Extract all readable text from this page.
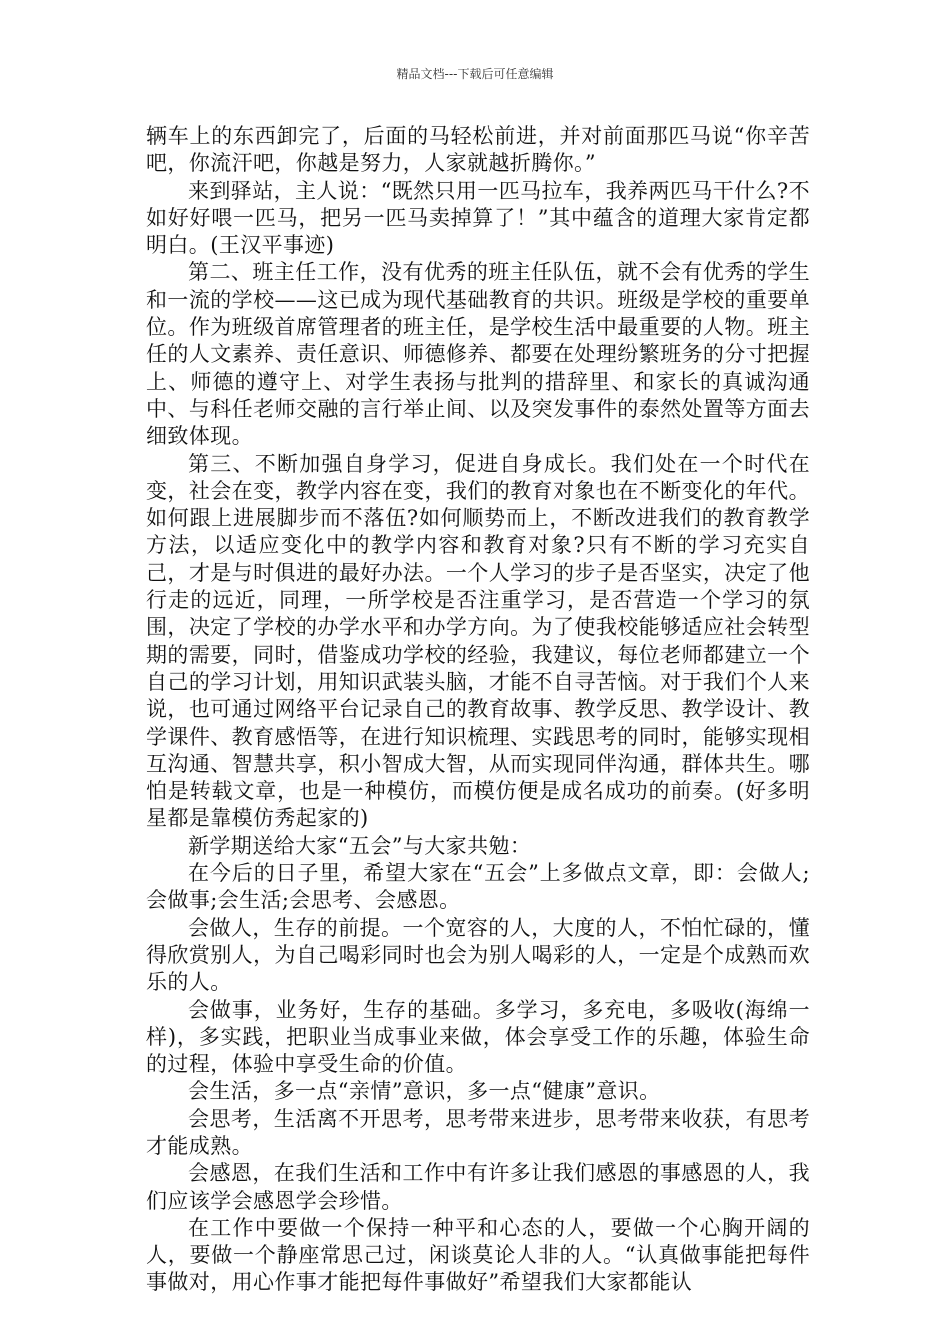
精品文档---下载后可任意编辑

辆车上的东西卸完了，后面的马轻松前进，并对前面那匹马说“你辛苦吧，你流汗吧，你越是努力，人家就越折腾你。”

来到驿站，主人说：“既然只用一匹马拉车，我养两匹马干什么?不如好好喂一匹马，把另一匹马卖掉算了！”其中蕴含的道理大家肯定都明白。(王汉平事迹)

第二、班主任工作，没有优秀的班主任队伍，就不会有优秀的学生和一流的学校——这已成为现代基础教育的共识。班级是学校的重要单位。作为班级首席管理者的班主任，是学校生活中最重要的人物。班主任的人文素养、责任意识、师德修养、都要在处理纷繁班务的分寸把握上、师德的遵守上、对学生表扬与批判的措辞里、和家长的真诚沟通中、与科任老师交融的言行举止间、以及突发事件的泰然处置等方面去细致体现。

第三、不断加强自身学习，促进自身成长。我们处在一个时代在变，社会在变，教学内容在变，我们的教育对象也在不断变化的年代。如何跟上进展脚步而不落伍?如何顺势而上，不断改进我们的教育教学方法，以适应变化中的教学内容和教育对象?只有不断的学习充实自己，才是与时俱进的最好办法。一个人学习的步子是否坚实，决定了他行走的远近，同理，一所学校是否注重学习，是否营造一个学习的氛围，决定了学校的办学水平和办学方向。为了使我校能够适应社会转型期的需要，同时，借鉴成功学校的经验，我建议，每位老师都建立一个自己的学习计划，用知识武装头脑，才能不自寻苦恼。对于我们个人来说，也可通过网络平台记录自己的教育故事、教学反思、教学设计、教学课件、教育感悟等，在进行知识梳理、实践思考的同时，能够实现相互沟通、智慧共享，积小智成大智，从而实现同伴沟通，群体共生。哪怕是转载文章，也是一种模仿，而模仿便是成名成功的前奏。(好多明星都是靠模仿秀起家的)

新学期送给大家“五会”与大家共勉：

在今后的日子里，希望大家在“五会”上多做点文章，即：会做人;会做事;会生活;会思考、会感恩。

会做人，生存的前提。一个宽容的人，大度的人，不怕忙碌的，懂得欣赏别人，为自己喝彩同时也会为别人喝彩的人，一定是个成熟而欢乐的人。

会做事，业务好，生存的基础。多学习，多充电，多吸收(海绵一样)，多实践，把职业当成事业来做，体会享受工作的乐趣，体验生命的过程，体验中享受生命的价值。

会生活，多一点“亲情”意识，多一点“健康”意识。

会思考，生活离不开思考，思考带来进步，思考带来收获，有思考才能成熟。

会感恩，在我们生活和工作中有许多让我们感恩的事感恩的人，我们应该学会感恩学会珍惜。

在工作中要做一个保持一种平和心态的人，要做一个心胸开阔的人，要做一个静座常思己过，闲谈莫论人非的人。“认真做事能把每件事做对，用心作事才能把每件事做好”希望我们大家都能认
